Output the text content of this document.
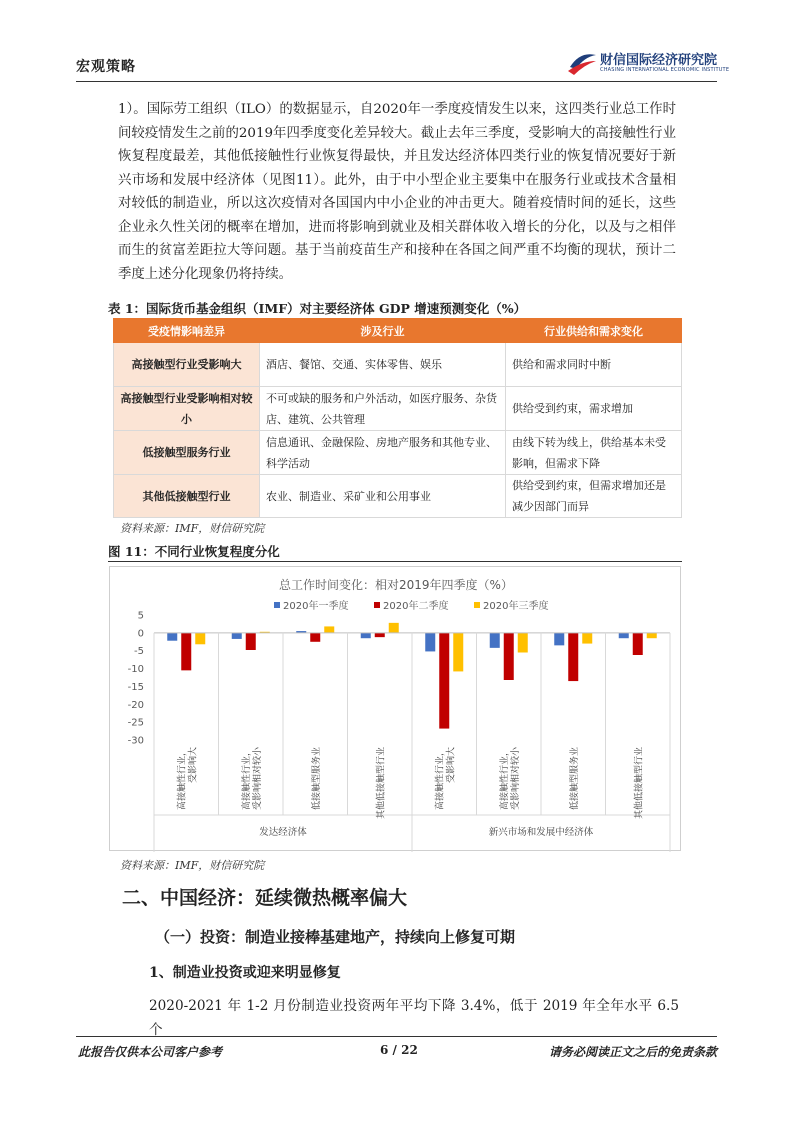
宏观策略	财信国际经济研究院
CHASING INTERNATIONAL ECONOMIC INSTITUTE
1）。国际劳工组织（ILO）的数据显示，自2020年一季度疫情发生以来，这四类行业总工作时间较疫情发生之前的2019年四季度变化差异较大。截止去年三季度，受影响大的高接触性行业恢复程度最差，其他低接触性行业恢复得最快，并且发达经济体四类行业的恢复情况要好于新兴市场和发展中经济体（见图11）。此外，由于中小型企业主要集中在服务行业或技术含量相对较低的制造业，所以这次疫情对各国国内中小企业的冲击更大。随着疫情时间的延长，这些企业永久性关闭的概率在增加，进而将影响到就业及相关群体收入增长的分化，以及与之相伴而生的贫富差距拉大等问题。基于当前疫苗生产和接种在各国之间严重不均衡的现状，预计二季度上述分化现象仍将持续。
表 1：国际货币基金组织（IMF）对主要经济体 GDP 增速预测变化（%）
受疫情影响差异	涉及行业	行业供给和需求变化
高接触型行业受影响大	酒店、餐馆、交通、实体零售、娱乐	供给和需求同时中断
高接触型行业受影响相对较小	不可或缺的服务和户外活动，如医疗服务、杂货店、建筑、公共管理	供给受到约束，需求增加
低接触型服务行业	信息通讯、金融保险、房地产服务和其他专业、科学活动	由线下转为线上，供给基本未受影响，但需求下降
其他低接触型行业	农业、制造业、采矿业和公用事业	供给受到约束，但需求增加还是减少因部门而异
资料来源：IMF，财信研究院
图 11：不同行业恢复程度分化
总工作时间变化：相对2019年四季度（%）
2020年一季度	2020年二季度	2020年三季度
5
0
-5
-10
-15
-20
-25
-30
高接触性行业， 受影响大	高接触性行业， 受影响相对较小	低接触型服务业	其他低接触型行业	高接触性行业， 受影响大	高接触性行业， 受影响相对较小	低接触型服务业	其他低接触型行业
发达经济体	新兴市场和发展中经济体
资料来源：IMF，财信研究院
二、中国经济：延续微热概率偏大
（一）投资：制造业接棒基建地产，持续向上修复可期
1、制造业投资或迎来明显修复
2020-2021 年 1-2 月份制造业投资两年平均下降 3.4%，低于 2019 年全年水平 6.5 个
此报告仅供本公司客户参考	6 / 22	请务必阅读正文之后的免责条款
